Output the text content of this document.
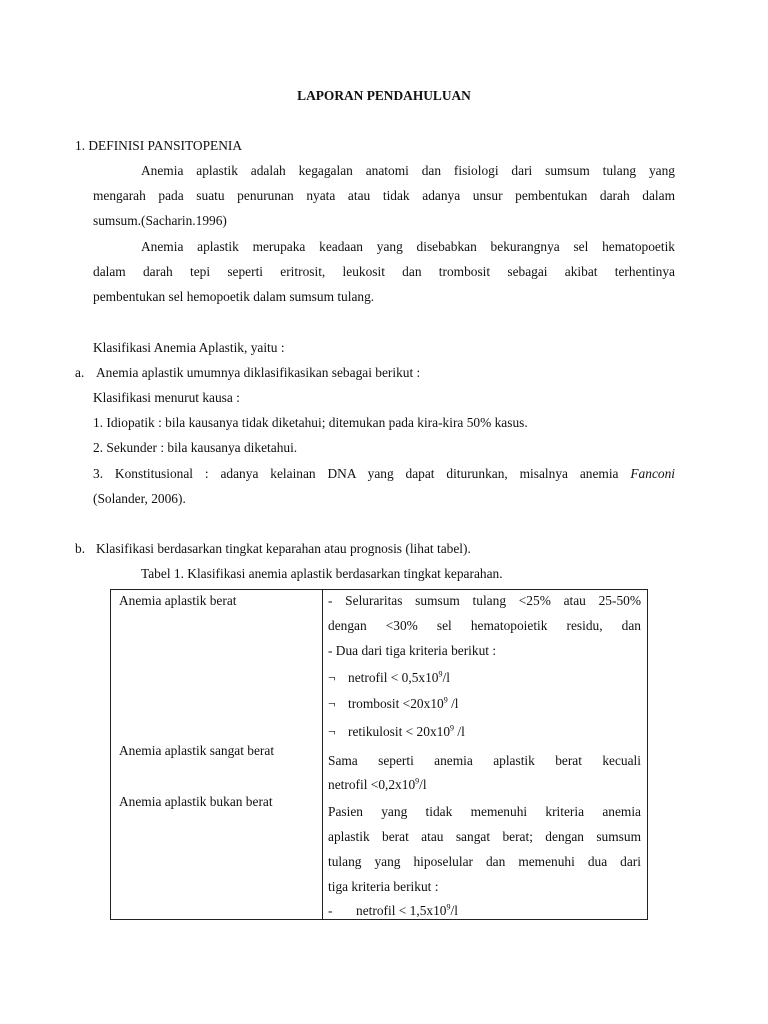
LAPORAN PENDAHULUAN
1. DEFINISI PANSITOPENIA
Anemia aplastik adalah kegagalan anatomi dan fisiologi dari sumsum tulang yang
mengarah pada suatu penurunan nyata atau tidak adanya unsur pembentukan darah dalam
sumsum.(Sacharin.1996)
Anemia aplastik merupaka keadaan yang disebabkan bekurangnya sel hematopoetik
dalam darah tepi seperti eritrosit, leukosit dan trombosit sebagai akibat terhentinya
pembentukan sel hemopoetik dalam sumsum tulang.
Klasifikasi Anemia Aplastik, yaitu :
a. Anemia aplastik umumnya diklasifikasikan sebagai berikut :
Klasifikasi menurut kausa :
1. Idiopatik : bila kausanya tidak diketahui; ditemukan pada kira-kira 50% kasus.
2. Sekunder : bila kausanya diketahui.
3. Konstitusional : adanya kelainan DNA yang dapat diturunkan, misalnya anemia Fanconi
(Solander, 2006).
b. Klasifikasi berdasarkan tingkat keparahan atau prognosis (lihat tabel).
Tabel 1. Klasifikasi anemia aplastik berdasarkan tingkat keparahan.
Anemia aplastik berat	- Seluraritas sumsum tulang <25% atau 25-50%
dengan <30% sel hematopoietik residu, dan
- Dua dari tiga kriteria berikut :
¬ netrofil < $0,5x10^9/l$
¬ trombosit $<20x10^9$ /l
¬ retikulosit < $20x10^9$ /l
Anemia aplastik sangat berat
Sama seperti anemia aplastik berat kecuali
netrofil $<0,2x10^9/l$
Anemia aplastik bukan berat
Pasien yang tidak memenuhi kriteria anemia
aplastik berat atau sangat berat; dengan sumsum
tulang yang hiposelular dan memenuhi dua dari
tiga kriteria berikut :
- netrofil < $1,5x10^9/l$
